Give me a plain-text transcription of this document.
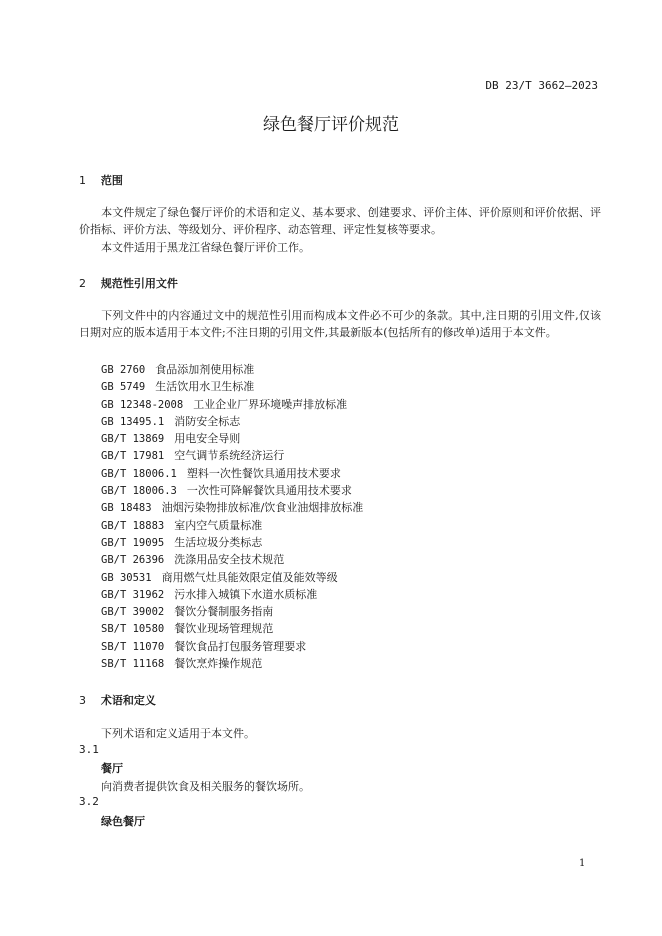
DB 23/T 3662—2023
绿色餐厅评价规范
1 范围

本文件规定了绿色餐厅评价的术语和定义、基本要求、创建要求、评价主体、评价原则和评价依据、评价指标、评价方法、等级划分、评价程序、动态管理、评定性复核等要求。

本文件适用于黑龙江省绿色餐厅评价工作。

2 规范性引用文件

下列文件中的内容通过文中的规范性引用而构成本文件必不可少的条款。其中,注日期的引用文件,仅该日期对应的版本适用于本文件;不注日期的引用文件,其最新版本(包括所有的修改单)适用于本文件。

GB 2760 食品添加剂使用标准
GB 5749 生活饮用水卫生标准
GB 12348-2008 工业企业厂界环境噪声排放标准
GB 13495.1 消防安全标志
GB/T 13869 用电安全导则
GB/T 17981 空气调节系统经济运行
GB/T 18006.1 塑料一次性餐饮具通用技术要求
GB/T 18006.3 一次性可降解餐饮具通用技术要求
GB 18483 油烟污染物排放标准/饮食业油烟排放标准
GB/T 18883 室内空气质量标准
GB/T 19095 生活垃圾分类标志
GB/T 26396 洗涤用品安全技术规范
GB 30531 商用燃气灶具能效限定值及能效等级
GB/T 31962 污水排入城镇下水道水质标准
GB/T 39002 餐饮分餐制服务指南
SB/T 10580 餐饮业现场管理规范
SB/T 11070 餐饮食品打包服务管理要求
SB/T 11168 餐饮烹炸操作规范
3 术语和定义
下列术语和定义适用于本文件。
3.1
餐厅
向消费者提供饮食及相关服务的餐饮场所。
3.2
绿色餐厅
1
